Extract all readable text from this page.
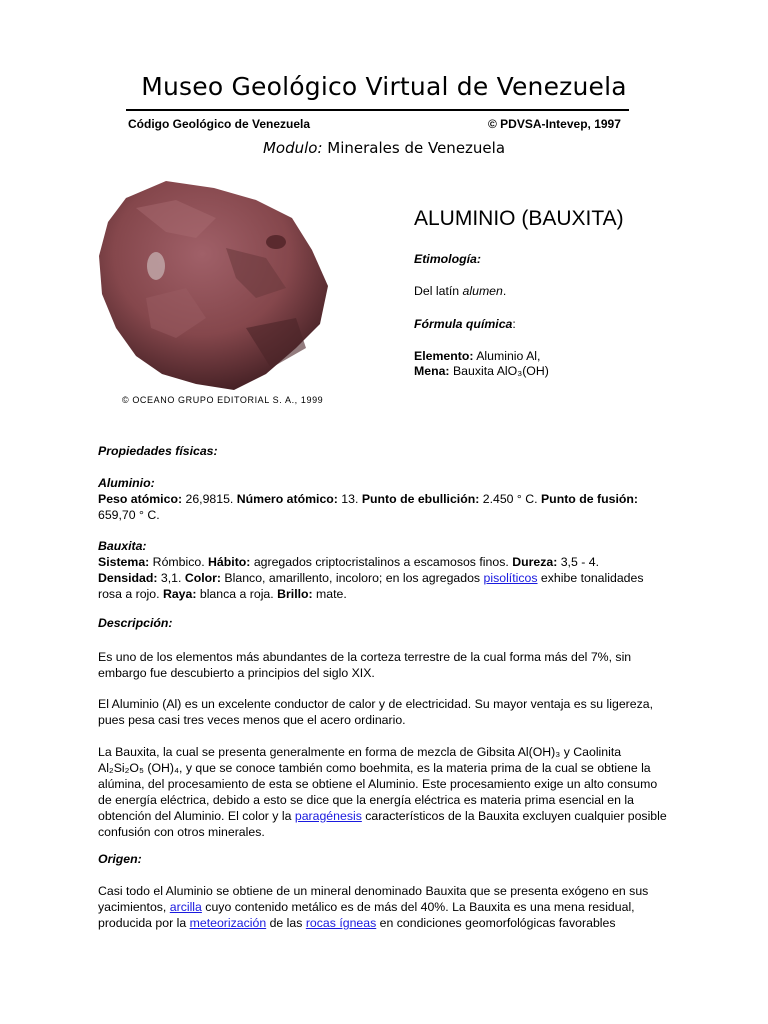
Museo Geológico Virtual de Venezuela
Código Geológico de Venezuela	© PDVSA-Intevep, 1997
Modulo: Minerales de Venezuela
© OCEANO GRUPO EDITORIAL S. A., 1999
ALUMINIO (BAUXITA)
Etimología:
Del latín alumen.
Fórmula química:
Elemento: Aluminio Al,
Mena: Bauxita AlO₃(OH)
Propiedades físicas:
Aluminio:
Peso atómico: 26,9815. Número atómico: 13. Punto de ebullición: 2.450 ° C. Punto de fusión: 659,70 ° C.
Bauxita:
Sistema: Rómbico. Hábito: agregados criptocristalinos a escamosos finos. Dureza: 3,5 - 4.
Densidad: 3,1. Color: Blanco, amarillento, incoloro; en los agregados pisolíticos exhibe tonalidades rosa a rojo. Raya: blanca a roja. Brillo: mate.
Descripción:
Es uno de los elementos más abundantes de la corteza terrestre de la cual forma más del 7%, sin embargo fue descubierto a principios del siglo XIX.
El Aluminio (Al) es un excelente conductor de calor y de electricidad. Su mayor ventaja es su ligereza, pues pesa casi tres veces menos que el acero ordinario.
La Bauxita, la cual se presenta generalmente en forma de mezcla de Gibsita Al(OH)₃ y Caolinita Al₂Si₂O₅ (OH)₄, y que se conoce también como boehmita, es la materia prima de la cual se obtiene la alúmina, del procesamiento de esta se obtiene el Aluminio. Este procesamiento exige un alto consumo de energía eléctrica, debido a esto se dice que la energía eléctrica es materia prima esencial en la obtención del Aluminio. El color y la paragénesis característicos de la Bauxita excluyen cualquier posible confusión con otros minerales.
Origen:
Casi todo el Aluminio se obtiene de un mineral denominado Bauxita que se presenta exógeno en sus yacimientos, arcilla cuyo contenido metálico es de más del 40%. La Bauxita es una mena residual, producida por la meteorización de las rocas ígneas en condiciones geomorfológicas favorables
